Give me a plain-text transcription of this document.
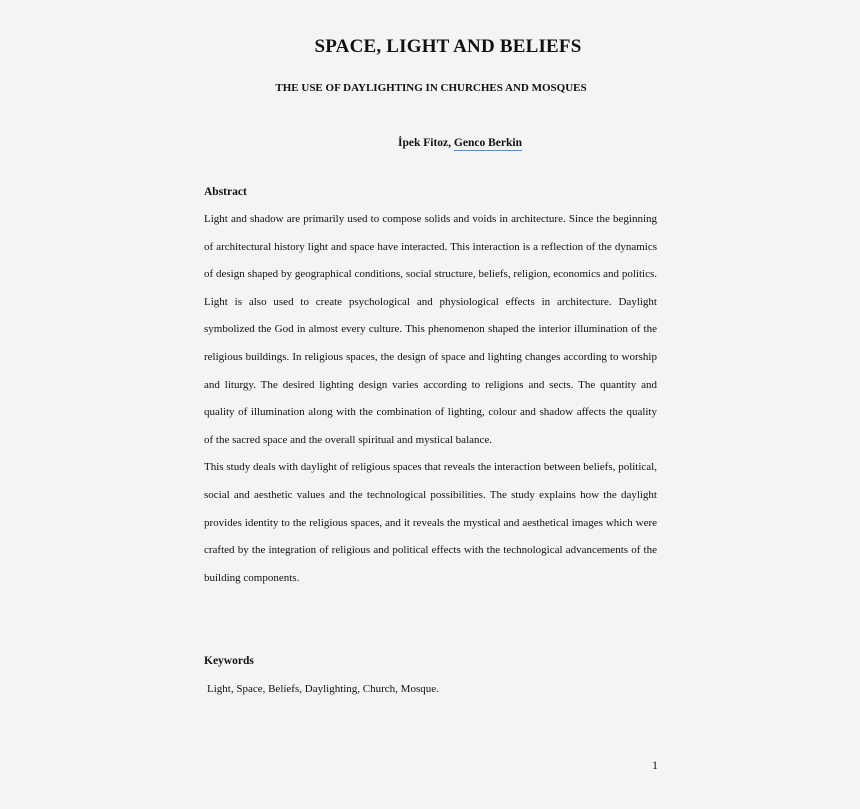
SPACE, LIGHT AND BELIEFS
THE USE OF DAYLIGHTING IN CHURCHES AND MOSQUES
İpek Fitoz, Genco Berkin
Abstract

Light and shadow are primarily used to compose solids and voids in architecture. Since the beginning of architectural history light and space have interacted. This interaction is a reflection of the dynamics of design shaped by geographical conditions, social structure, beliefs, religion, economics and politics. Light is also used to create psychological and physiological effects in architecture. Daylight symbolized the God in almost every culture. This phenomenon shaped the interior illumination of the religious buildings. In religious spaces, the design of space and lighting changes according to worship and liturgy. The desired lighting design varies according to religions and sects. The quantity and quality of illumination along with the combination of lighting, colour and shadow affects the quality of the sacred space and the overall spiritual and mystical balance.

This study deals with daylight of religious spaces that reveals the interaction between beliefs, political, social and aesthetic values and the technological possibilities. The study explains how the daylight provides identity to the religious spaces, and it reveals the mystical and aesthetical images which were crafted by the integration of religious and political effects with the technological advancements of the building components.

Keywords
Light, Space, Beliefs, Daylighting, Church, Mosque.
1
